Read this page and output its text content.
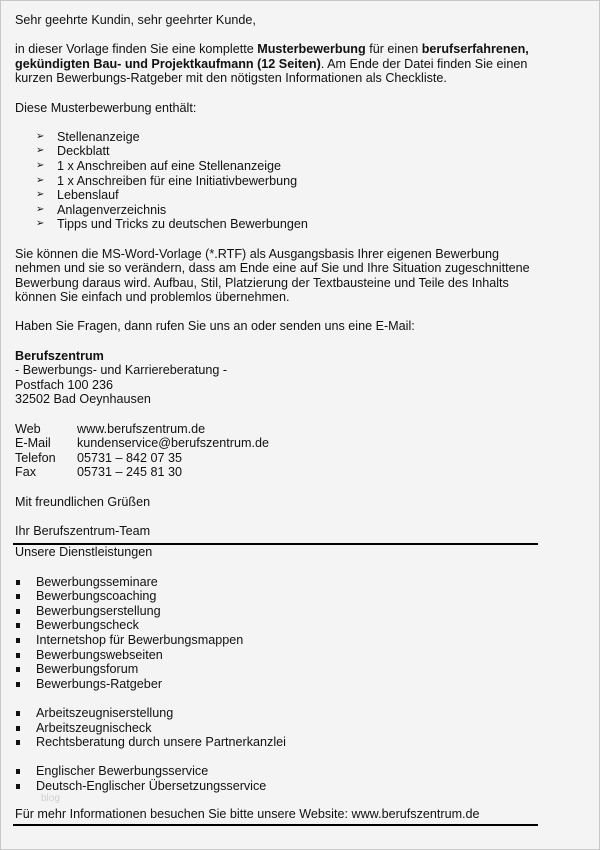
Sehr geehrte Kundin, sehr geehrter Kunde,

in dieser Vorlage finden Sie eine komplette Musterbewerbung für einen berufserfahrenen, gekündigten Bau- und Projektkaufmann (12 Seiten). Am Ende der Datei finden Sie einen kurzen Bewerbungs-Ratgeber mit den nötigsten Informationen als Checkliste.

Diese Musterbewerbung enthält:

➢ Stellenanzeige
➢ Deckblatt
➢ 1 x Anschreiben auf eine Stellenanzeige
➢ 1 x Anschreiben für eine Initiativbewerbung
➢ Lebenslauf
➢ Anlagenverzeichnis
➢ Tipps und Tricks zu deutschen Bewerbungen

Sie können die MS-Word-Vorlage (*.RTF) als Ausgangsbasis Ihrer eigenen Bewerbung nehmen und sie so verändern, dass am Ende eine auf Sie und Ihre Situation zugeschnittene Bewerbung daraus wird. Aufbau, Stil, Platzierung der Textbausteine und Teile des Inhalts können Sie einfach und problemlos übernehmen.

Haben Sie Fragen, dann rufen Sie uns an oder senden uns eine E-Mail:

Berufszentrum

- Bewerbungs- und Karriereberatung -

Postfach 100 236

32502 Bad Oeynhausen

Web	www.berufszentrum.de
E-Mail	kundenservice@berufszentrum.de
Telefon	05731 – 842 07 35
Fax	05731 – 245 81 30

Mit freundlichen Grüßen

Ihr Berufszentrum-Team

Unsere Dienstleistungen

Bewerbungsseminare
Bewerbungscoaching
Bewerbungserstellung
Bewerbungscheck
Internetshop für Bewerbungsmappen
Bewerbungswebseiten
Bewerbungsforum
Bewerbungs-Ratgeber
Arbeitszeugniserstellung
Arbeitszeugnischeck
Rechtsberatung durch unsere Partnerkanzlei
Englischer Bewerbungsservice
Deutsch-Englischer Übersetzungsservice
blog

Für mehr Informationen besuchen Sie bitte unsere Website: www.berufszentrum.de
